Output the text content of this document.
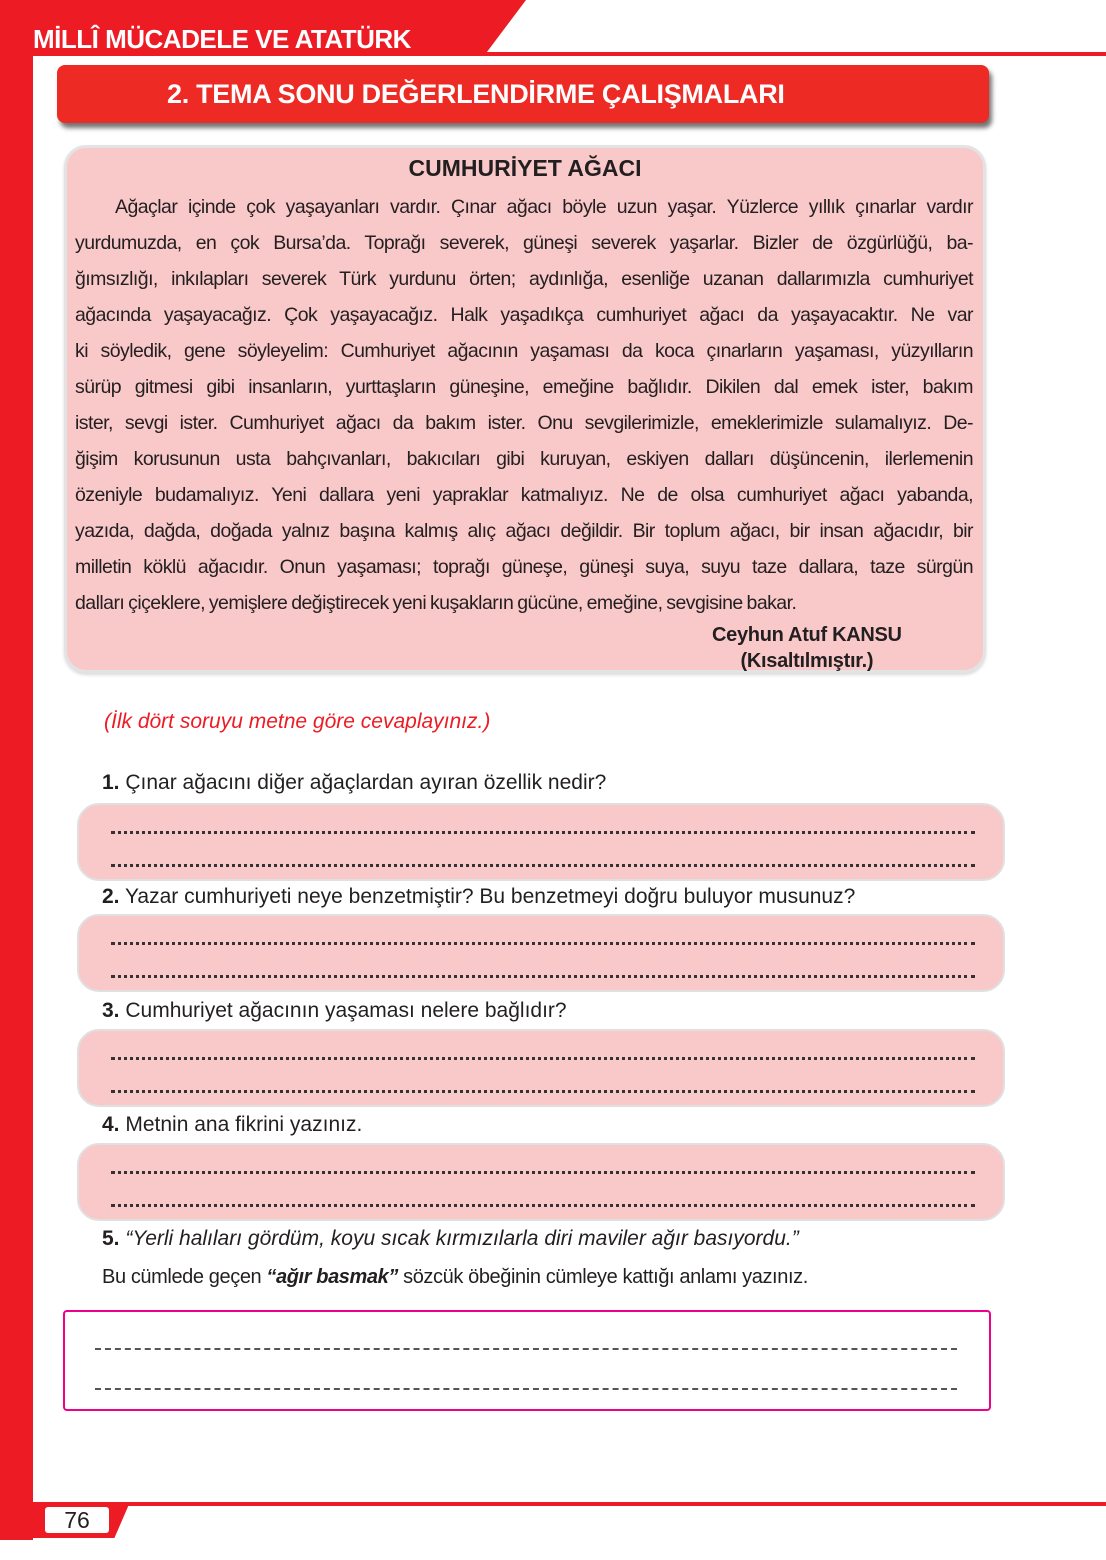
MİLLÎ MÜCADELE VE ATATÜRK
2. TEMA SONU DEĞERLENDİRME ÇALIŞMALARI
CUMHURİYET AĞACI
Ağaçlar içinde çok yaşayanları vardır. Çınar ağacı böyle uzun yaşar. Yüzlerce yıllık çınarlar vardır
yurdumuzda, en çok Bursa’da. Toprağı severek, güneşi severek yaşarlar. Bizler de özgürlüğü, ba-
ğımsızlığı, inkılapları severek Türk yurdunu örten; aydınlığa, esenliğe uzanan dallarımızla cumhuriyet
ağacında yaşayacağız. Çok yaşayacağız. Halk yaşadıkça cumhuriyet ağacı da yaşayacaktır. Ne var
ki söyledik, gene söyleyelim: Cumhuriyet ağacının yaşaması da koca çınarların yaşaması, yüzyılların
sürüp gitmesi gibi insanların, yurttaşların güneşine, emeğine bağlıdır. Dikilen dal emek ister, bakım
ister, sevgi ister. Cumhuriyet ağacı da bakım ister. Onu sevgilerimizle, emeklerimizle sulamalıyız. De-
ğişim korusunun usta bahçıvanları, bakıcıları gibi kuruyan, eskiyen dalları düşüncenin, ilerlemenin
özeniyle budamalıyız. Yeni dallara yeni yapraklar katmalıyız. Ne de olsa cumhuriyet ağacı yabanda,
yazıda, dağda, doğada yalnız başına kalmış alıç ağacı değildir. Bir toplum ağacı, bir insan ağacıdır, bir
milletin köklü ağacıdır. Onun yaşaması; toprağı güneşe, güneşi suya, suyu taze dallara, taze sürgün
dalları çiçeklere, yemişlere değiştirecek yeni kuşakların gücüne, emeğine, sevgisine bakar.
Ceyhun Atuf KANSU
(Kısaltılmıştır.)
(İlk dört soruyu metne göre cevaplayınız.)
1. Çınar ağacını diğer ağaçlardan ayıran özellik nedir?
2. Yazar cumhuriyeti neye benzetmiştir? Bu benzetmeyi doğru buluyor musunuz?
3. Cumhuriyet ağacının yaşaması nelere bağlıdır?
4. Metnin ana fikrini yazınız.
5. “Yerli halıları gördüm, koyu sıcak kırmızılarla diri maviler ağır basıyordu.”
Bu cümlede geçen “ağır basmak” sözcük öbeğinin cümleye kattığı anlamı yazınız.
76
